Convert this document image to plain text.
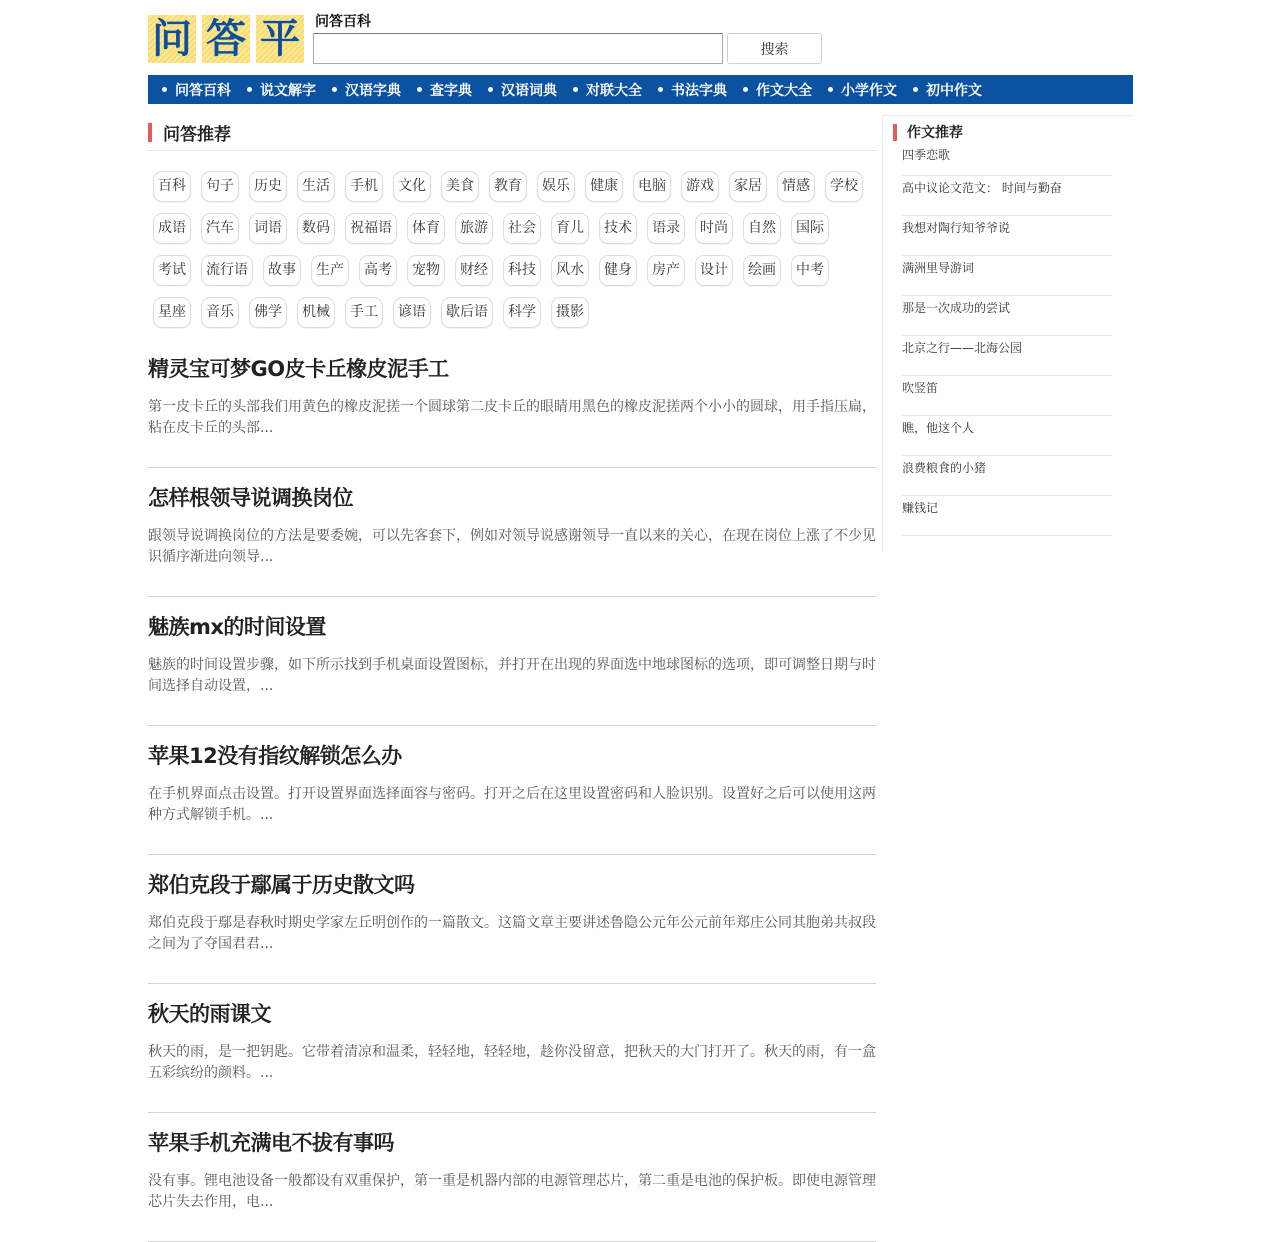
问 答 平 问答百科
搜索
问答百科	说文解字	汉语字典	查字典	汉语词典	对联大全	书法字典	作文大全	小学作文	初中作文
问答推荐
百科	句子	历史	生活	手机	文化	美食	教育	娱乐	健康	电脑	游戏	家居	情感	学校
成语	汽车	词语	数码	祝福语	体育	旅游	社会	育儿	技术	语录	时尚	自然	国际
考试	流行语	故事	生产	高考	宠物	财经	科技	风水	健身	房产	设计	绘画	中考
星座	音乐	佛学	机械	手工	谚语	歇后语	科学	摄影
精灵宝可梦GO皮卡丘橡皮泥手工

第一皮卡丘的头部我们用黄色的橡皮泥搓一个圆球第二皮卡丘的眼睛用黑色的橡皮泥搓两个小小的圆球，用手指压扁，粘在皮卡丘的头部...

怎样根领导说调换岗位

跟领导说调换岗位的方法是要委婉，可以先客套下，例如对领导说感谢领导一直以来的关心，在现在岗位上涨了不少见识循序渐进向领导...

魅族mx的时间设置

魅族的时间设置步骤，如下所示找到手机桌面设置图标，并打开在出现的界面选中地球图标的选项，即可调整日期与时间选择自动设置，...

苹果12没有指纹解锁怎么办

在手机界面点击设置。打开设置界面选择面容与密码。打开之后在这里设置密码和人脸识别。设置好之后可以使用这两种方式解锁手机。...

郑伯克段于鄢属于历史散文吗

郑伯克段于鄢是春秋时期史学家左丘明创作的一篇散文。这篇文章主要讲述鲁隐公元年公元前年郑庄公同其胞弟共叔段之间为了夺国君君...

秋天的雨课文

秋天的雨，是一把钥匙。它带着清凉和温柔，轻轻地，轻轻地，趁你没留意，把秋天的大门打开了。秋天的雨，有一盒五彩缤纷的颜料。...

苹果手机充满电不拔有事吗

没有事。锂电池设备一般都设有双重保护，第一重是机器内部的电源管理芯片，第二重是电池的保护板。即使电源管理芯片失去作用，电...

作文推荐
四季恋歌
高中议论文范文： 时间与勤奋
我想对陶行知爷爷说
满洲里导游词
那是一次成功的尝试
北京之行——北海公园
吹竖笛
瞧，他这个人
浪费粮食的小猪
赚钱记
